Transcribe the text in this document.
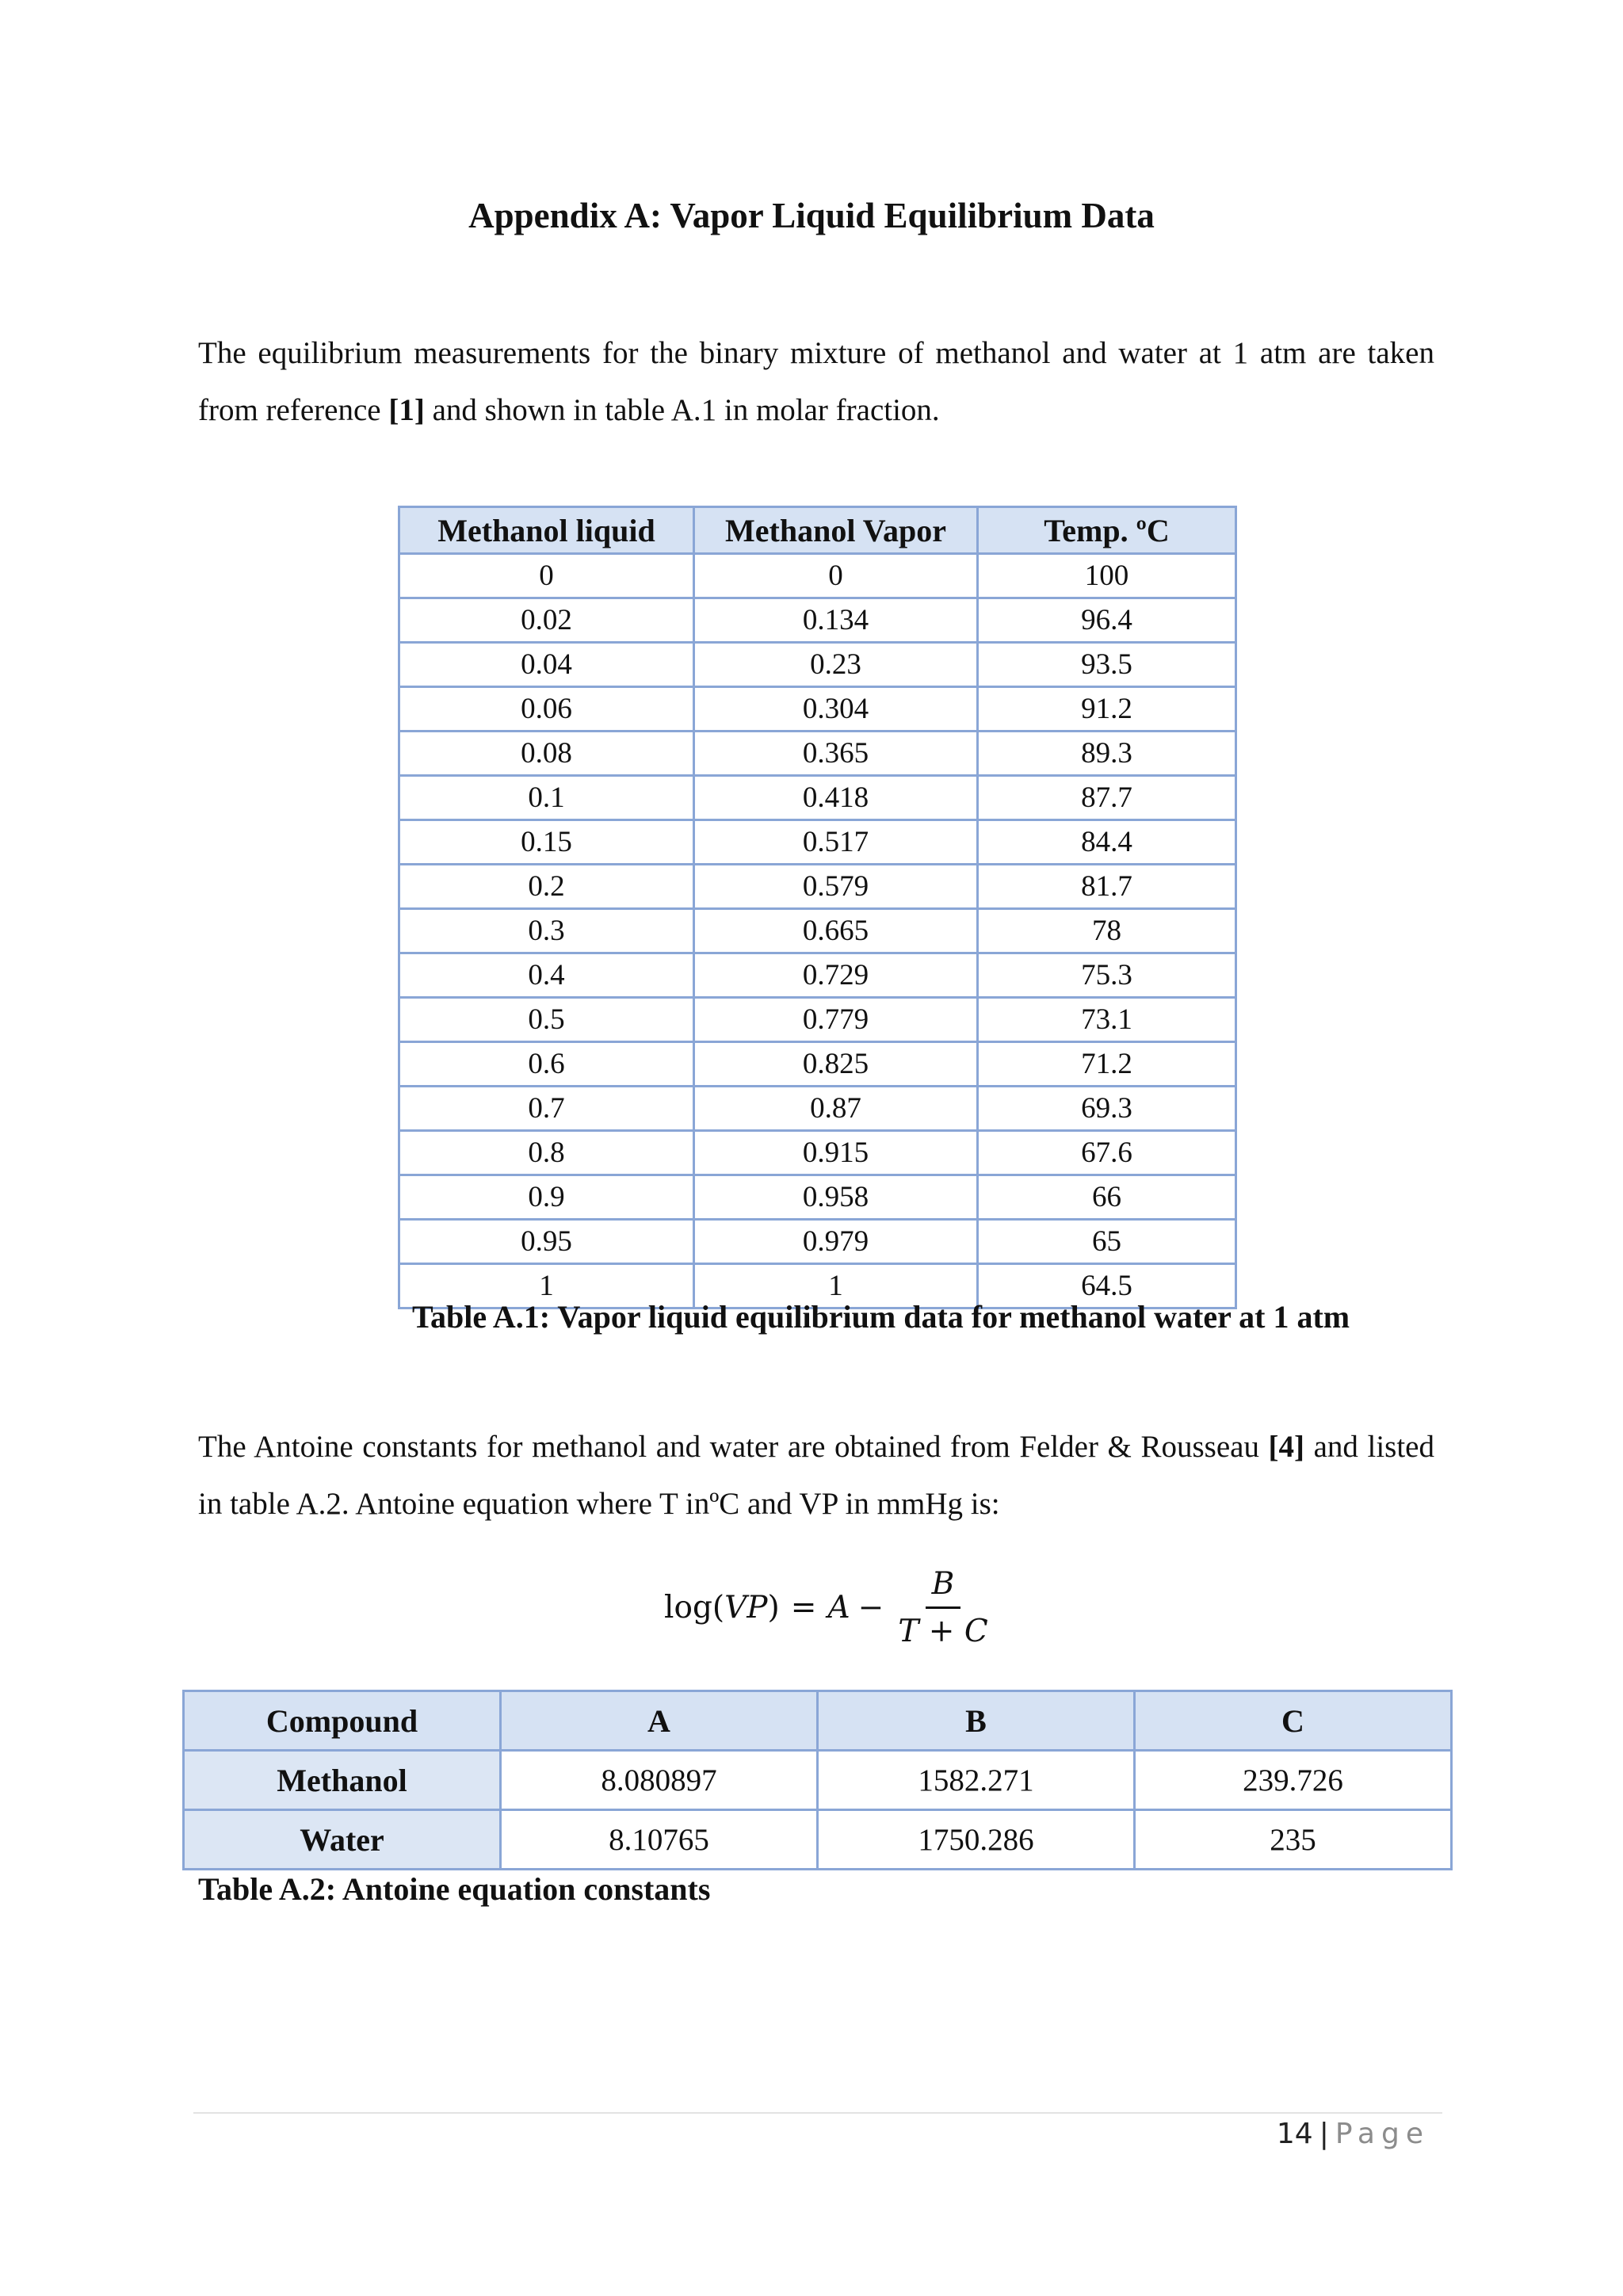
Appendix A: Vapor Liquid Equilibrium Data

The equilibrium measurements for the binary mixture of methanol and water at 1 atm are taken from reference [1] and shown in table A.1 in molar fraction.

Methanol liquid	Methanol Vapor	Temp. ºC
0	0	100
0.02	0.134	96.4
0.04	0.23	93.5
0.06	0.304	91.2
0.08	0.365	89.3
0.1	0.418	87.7
0.15	0.517	84.4
0.2	0.579	81.7
0.3	0.665	78
0.4	0.729	75.3
0.5	0.779	73.1
0.6	0.825	71.2
0.7	0.87	69.3
0.8	0.915	67.6
0.9	0.958	66
0.95	0.979	65
1	1	64.5
Table A.1: Vapor liquid equilibrium data for methanol water at 1 atm

The Antoine constants for methanol and water are obtained from Felder & Rousseau [4] and listed in table A.2. Antoine equation where T inºC and VP in mmHg is:

log( VP ) = $A - \frac{B}{T + C}$
Compound	A	B	C
Methanol	8.080897	1582.271	239.726
Water	8.10765	1750.286	235
Table A.2: Antoine equation constants
14 | Page
